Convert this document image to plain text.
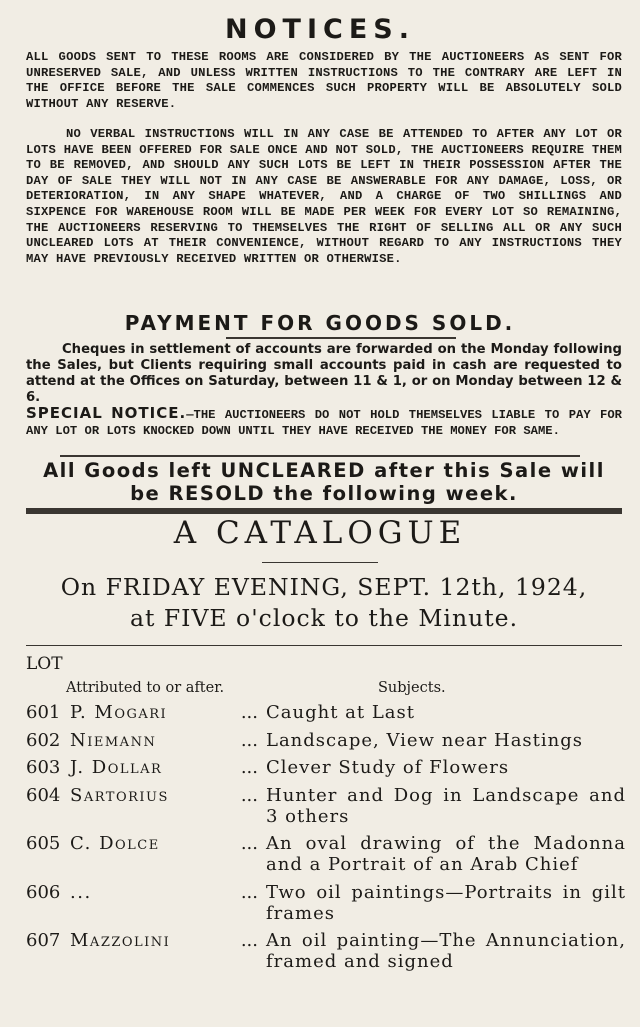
NOTICES.

ALL GOODS SENT TO THESE ROOMS ARE CONSIDERED BY THE AUCTIONEERS AS SENT FOR UNRESERVED SALE, AND UNLESS WRITTEN INSTRUCTIONS TO THE CONTRARY ARE LEFT IN THE OFFICE BEFORE THE SALE COMMENCES SUCH PROPERTY WILL BE ABSOLUTELY SOLD WITHOUT ANY RESERVE.

NO VERBAL INSTRUCTIONS WILL IN ANY CASE BE ATTENDED TO AFTER ANY LOT OR LOTS HAVE BEEN OFFERED FOR SALE ONCE AND NOT SOLD, THE AUCTIONEERS REQUIRE THEM TO BE REMOVED, AND SHOULD ANY SUCH LOTS BE LEFT IN THEIR POSSESSION AFTER THE DAY OF SALE THEY WILL NOT IN ANY CASE BE ANSWERABLE FOR ANY DAMAGE, LOSS, OR DETERIORATION, IN ANY SHAPE WHATEVER, AND A CHARGE OF TWO SHILLINGS AND SIXPENCE FOR WAREHOUSE ROOM WILL BE MADE PER WEEK FOR EVERY LOT SO REMAINING, THE AUCTIONEERS RESERVING TO THEMSELVES THE RIGHT OF SELLING ALL OR ANY SUCH UNCLEARED LOTS AT THEIR CONVENIENCE, WITHOUT REGARD TO ANY INSTRUCTIONS THEY MAY HAVE PREVIOUSLY RECEIVED WRITTEN OR OTHERWISE.

PAYMENT FOR GOODS SOLD.

Cheques in settlement of accounts are forwarded on the Monday following the Sales, but Clients requiring small accounts paid in cash are requested to attend at the Offices on Saturday, between 11 & 1, or on Monday between 12 & 6.

SPECIAL NOTICE.—THE AUCTIONEERS DO NOT HOLD THEMSELVES LIABLE TO PAY FOR ANY LOT OR LOTS KNOCKED DOWN UNTIL THEY HAVE RECEIVED THE MONEY FOR SAME.

All Goods left UNCLEARED after this Sale will be RESOLD the following week.

A CATALOGUE
On FRIDAY EVENING, SEPT. 12th, 1924,
at FIVE o'clock to the Minute.
LOT
Attributed to or after.	Subjects.
601 P. Mogari	... Caught at Last
602 Niemann	... Landscape, View near Hastings
603 J. Dollar	... Clever Study of Flowers
604 Sartorius	... Hunter and Dog in Landscape and 3 others
605 C. Dolce	... An oval drawing of the Madonna and a Portrait of an Arab Chief
606 ...	... Two oil paintings—Portraits in gilt frames
607 Mazzolini	... An oil painting—The Annunciation, framed and signed
